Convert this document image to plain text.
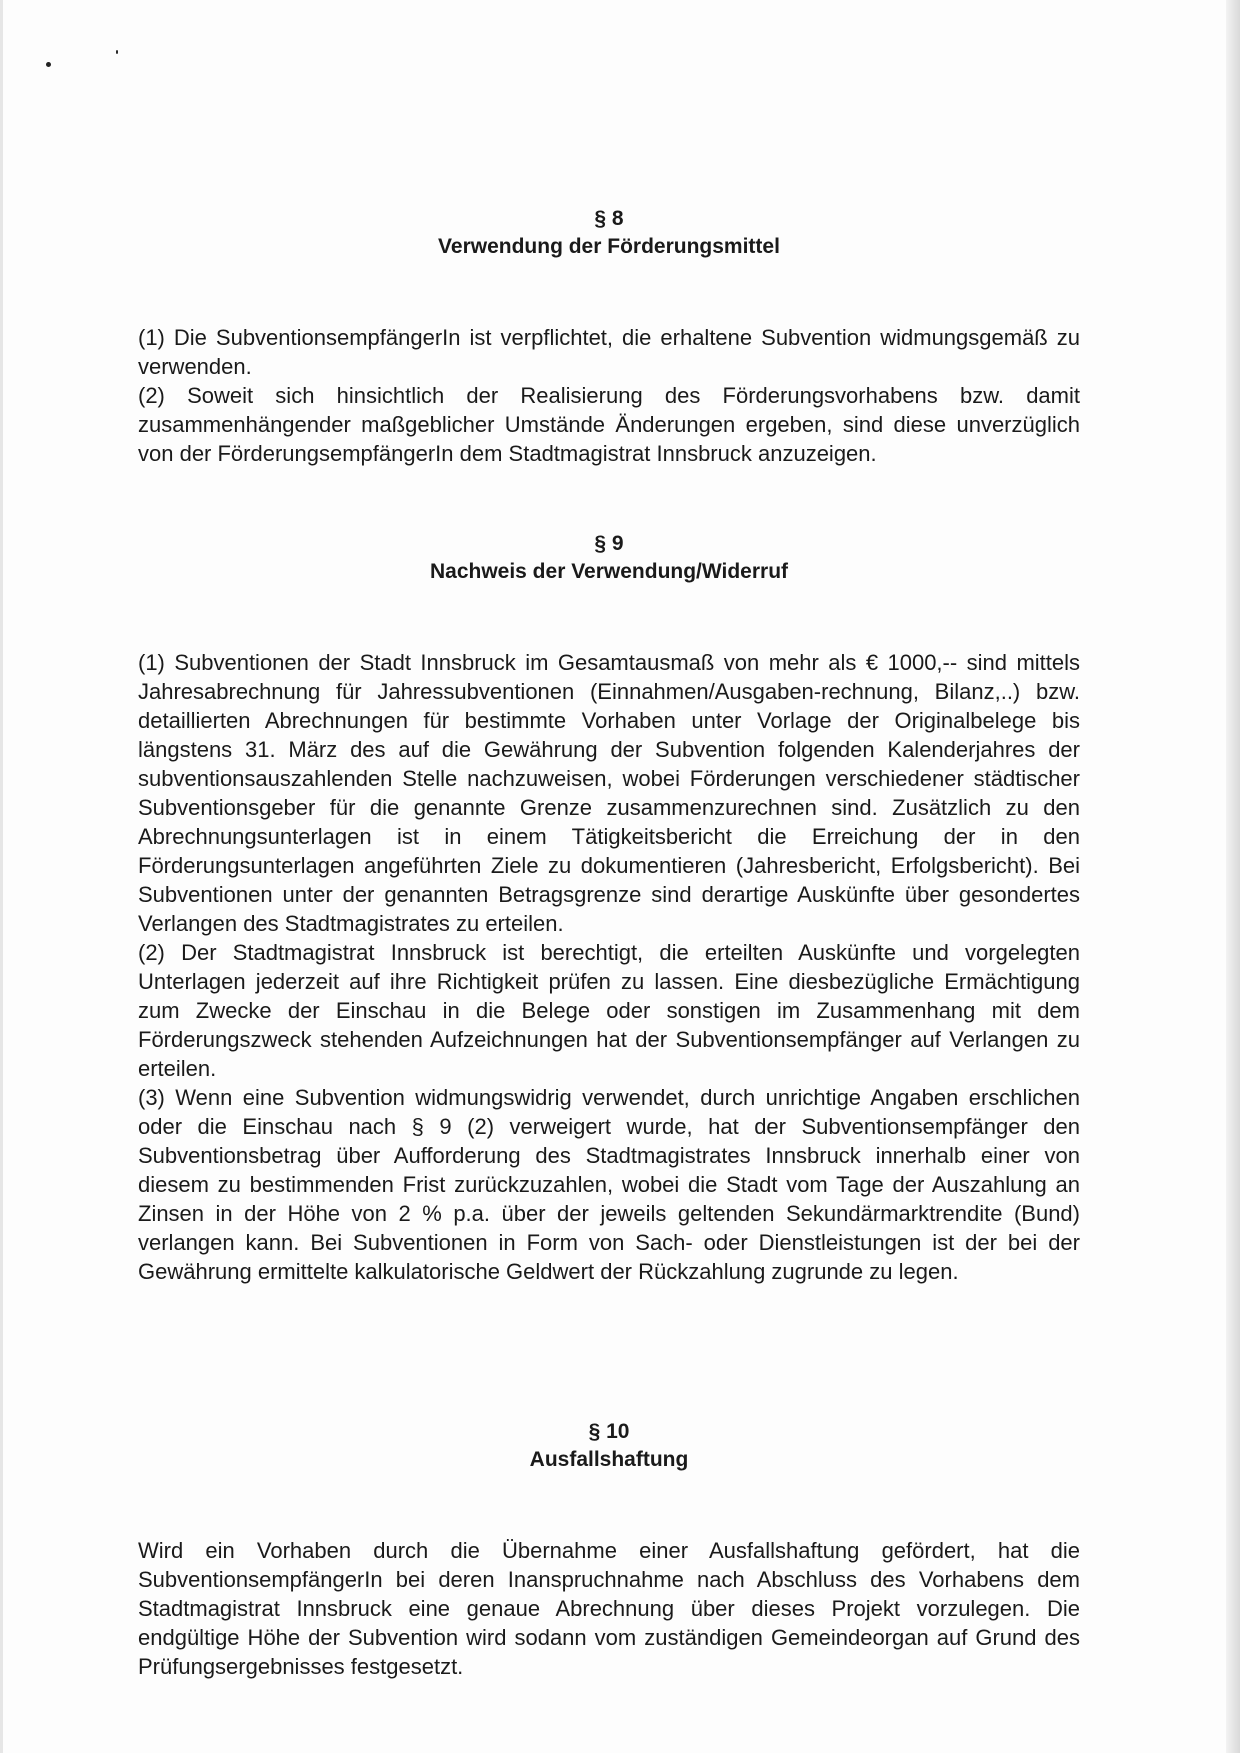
§ 8

Verwendung der Förderungsmittel

(1) Die SubventionsempfängerIn ist verpflichtet, die erhaltene Subvention widmungsgemäß zu verwenden.

(2) Soweit sich hinsichtlich der Realisierung des Förderungsvorhabens bzw. damit zusammenhängender maßgeblicher Umstände Änderungen ergeben, sind diese unverzüglich von der FörderungsempfängerIn dem Stadtmagistrat Innsbruck anzuzeigen.

§ 9

Nachweis der Verwendung/Widerruf

(1) Subventionen der Stadt Innsbruck im Gesamtausmaß von mehr als € 1000,-- sind mittels Jahresabrechnung für Jahressubventionen (Einnahmen/Ausgaben-rechnung, Bilanz,..) bzw. detaillierten Abrechnungen für bestimmte Vorhaben unter Vorlage der Originalbelege bis längstens 31. März des auf die Gewährung der Subvention folgenden Kalenderjahres der subventionsauszahlenden Stelle nachzuweisen, wobei Förderungen verschiedener städtischer Subventionsgeber für die genannte Grenze zusammenzurechnen sind. Zusätzlich zu den Abrechnungsunterlagen ist in einem Tätigkeitsbericht die Erreichung der in den Förderungsunterlagen angeführten Ziele zu dokumentieren (Jahresbericht, Erfolgsbericht). Bei Subventionen unter der genannten Betragsgrenze sind derartige Auskünfte über gesondertes Verlangen des Stadtmagistrates zu erteilen.

(2) Der Stadtmagistrat Innsbruck ist berechtigt, die erteilten Auskünfte und vorgelegten Unterlagen jederzeit auf ihre Richtigkeit prüfen zu lassen. Eine diesbezügliche Ermächtigung zum Zwecke der Einschau in die Belege oder sonstigen im Zusammenhang mit dem Förderungszweck stehenden Aufzeichnungen hat der Subventionsempfänger auf Verlangen zu erteilen.

(3) Wenn eine Subvention widmungswidrig verwendet, durch unrichtige Angaben erschlichen oder die Einschau nach § 9 (2) verweigert wurde, hat der Subventionsempfänger den Subventionsbetrag über Aufforderung des Stadtmagistrates Innsbruck innerhalb einer von diesem zu bestimmenden Frist zurückzuzahlen, wobei die Stadt vom Tage der Auszahlung an Zinsen in der Höhe von 2 % p.a. über der jeweils geltenden Sekundärmarktrendite (Bund) verlangen kann. Bei Subventionen in Form von Sach- oder Dienstleistungen ist der bei der Gewährung ermittelte kalkulatorische Geldwert der Rückzahlung zugrunde zu legen.

§ 10

Ausfallshaftung

Wird ein Vorhaben durch die Übernahme einer Ausfallshaftung gefördert, hat die SubventionsempfängerIn bei deren Inanspruchnahme nach Abschluss des Vorhabens dem Stadtmagistrat Innsbruck eine genaue Abrechnung über dieses Projekt vorzulegen. Die endgültige Höhe der Subvention wird sodann vom zuständigen Gemeindeorgan auf Grund des Prüfungsergebnisses festgesetzt.
